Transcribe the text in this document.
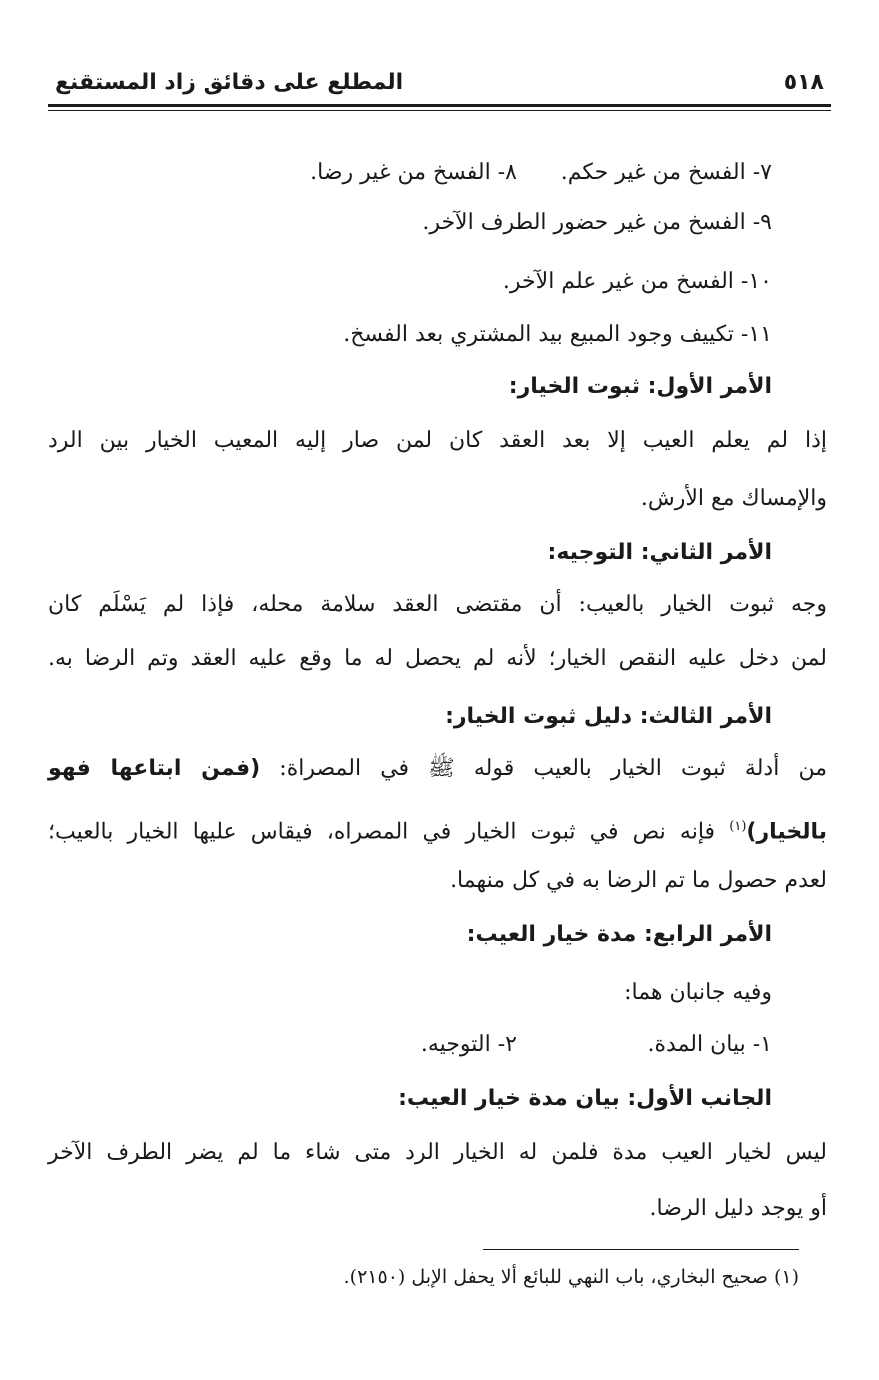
٥١٨
المطلع على دقائق زاد المستقنع
٧- الفسخ من غير حكم.
٨- الفسخ من غير رضا.
٩- الفسخ من غير حضور الطرف الآخر.
١٠- الفسخ من غير علم الآخر.
١١- تكييف وجود المبيع بيد المشتري بعد الفسخ.
الأمر الأول: ثبوت الخيار:
إذا لم يعلم العيب إلا بعد العقد كان لمن صار إليه المعيب الخيار بين الرد
والإمساك مع الأرش.
الأمر الثاني: التوجيه:
وجه ثبوت الخيار بالعيب: أن مقتضى العقد سلامة محله، فإذا لم يَسْلَم كان
لمن دخل عليه النقص الخيار؛ لأنه لم يحصل له ما وقع عليه العقد وتم الرضا به.
الأمر الثالث: دليل ثبوت الخيار:
من أدلة ثبوت الخيار بالعيب قوله ﷺ في المصراة: (فمن ابتاعها فهو
بالخيار)$^{(١)}$ فإنه نص في ثبوت الخيار في المصراه، فيقاس عليها الخيار بالعيب؛
لعدم حصول ما تم الرضا به في كل منهما.
الأمر الرابع: مدة خيار العيب:
وفيه جانبان هما:
١- بيان المدة.
٢- التوجيه.
الجانب الأول: بيان مدة خيار العيب:
ليس لخيار العيب مدة فلمن له الخيار الرد متى شاء ما لم يضر الطرف الآخر
أو يوجد دليل الرضا.
(١) صحيح البخاري، باب النهي للبائع ألا يحفل الإبل (٢١٥٠).
